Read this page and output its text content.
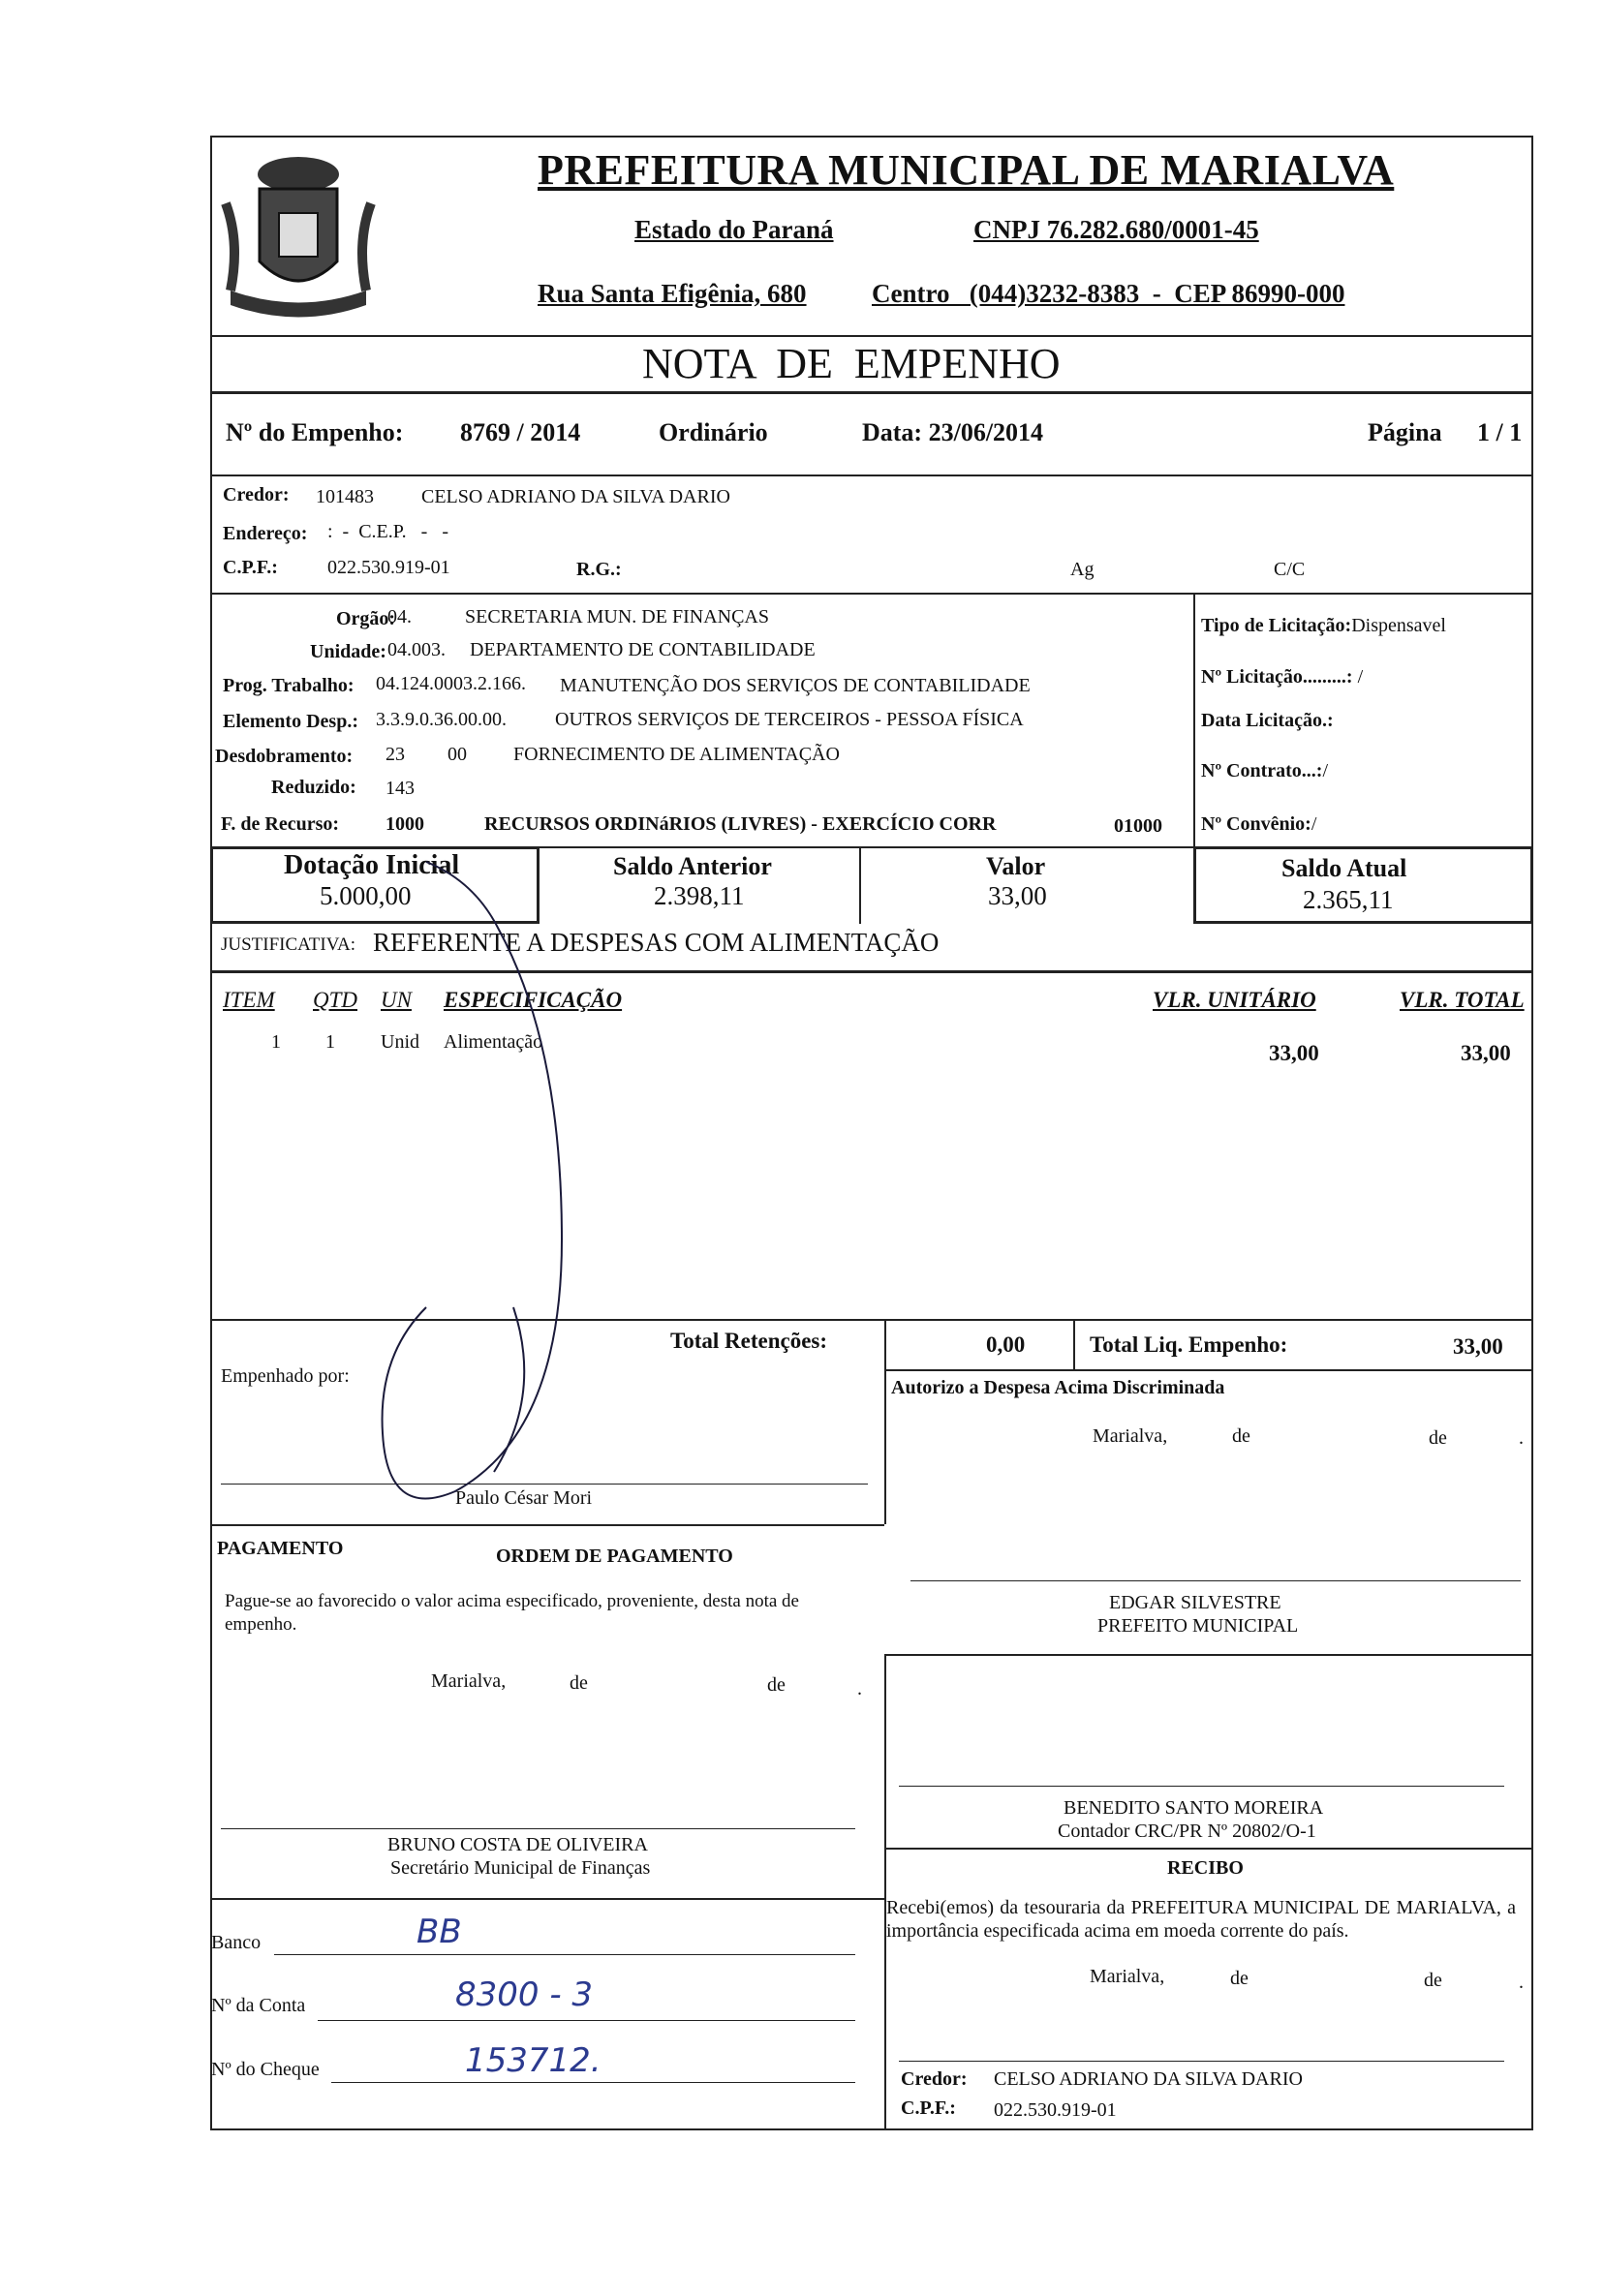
PREFEITURA MUNICIPAL DE MARIALVA
Estado do Paraná	CNPJ 76.282.680/0001-45
Rua Santa Efigênia, 680 Centro   (044)3232-8383  -  CEP 86990-000
NOTA  DE  EMPENHO
Nº do Empenho: 8769 / 2014	Ordinário	Data: 23/06/2014	Página 1 / 1
Credor: 101483 CELSO ADRIANO DA SILVA DARIO
Endereço: :  -  C.E.P.   -   -
C.P.F.:	022.530.919-01	R.G.:	Ag	C/C
Orgão:
04.	SECRETARIA MUN. DE FINANÇAS
Unidade: 04.003. DEPARTAMENTO DE CONTABILIDADE
Prog. Trabalho: 04.124.0003.2.166. MANUTENÇÃO DOS SERVIÇOS DE CONTABILIDADE
Elemento Desp.: 3.3.9.0.36.00.00.	OUTROS SERVIÇOS DE TERCEIROS - PESSOA FÍSICA
Desdobramento: 23 00 FORNECIMENTO DE ALIMENTAÇÃO
Reduzido: 143
F. de Recurso: 1000	RECURSOS ORDINáRIOS (LIVRES) - EXERCÍCIO CORR	01000
Tipo de Licitação:Dispensavel
Nº Licitação.........: /
Data Licitação.:
Nº Contrato...:/
Nº Convênio:/
Dotação Inicial
5.000,00
Saldo Anterior
2.398,11
Valor
33,00
Saldo Atual
2.365,11
JUSTIFICATIVA: REFERENTE A DESPESAS COM ALIMENTAÇÃO
ITEM QTD UN ESPECIFICAÇÃO	VLR. UNITÁRIO	VLR. TOTAL
1 1 Unid Alimentação	33,00	33,00
Total Retenções:	0,00	Total Liq. Empenho:	33,00
Empenhado por:
Paulo César Mori
Autorizo a Despesa Acima Discriminada
Marialva,	de	de	.
PAGAMENTO	ORDEM DE PAGAMENTO
Pague-se ao favorecido o valor acima especificado, proveniente, desta nota de empenho.
Marialva,	de	de	.
BRUNO COSTA DE OLIVEIRA
Secretário Municipal de Finanças
EDGAR SILVESTRE
PREFEITO MUNICIPAL
BENEDITO SANTO MOREIRA
Contador CRC/PR Nº 20802/O-1
RECIBO
Recebi(emos) da tesouraria da PREFEITURA MUNICIPAL DE MARIALVA, a importância especificada acima em moeda corrente do país.
Marialva,	de	de	.
Credor: CELSO ADRIANO DA SILVA DARIO
C.P.F.: 022.530.919-01
Banco	BB
Nº da Conta	8300 - 3
Nº do Cheque	153712.
